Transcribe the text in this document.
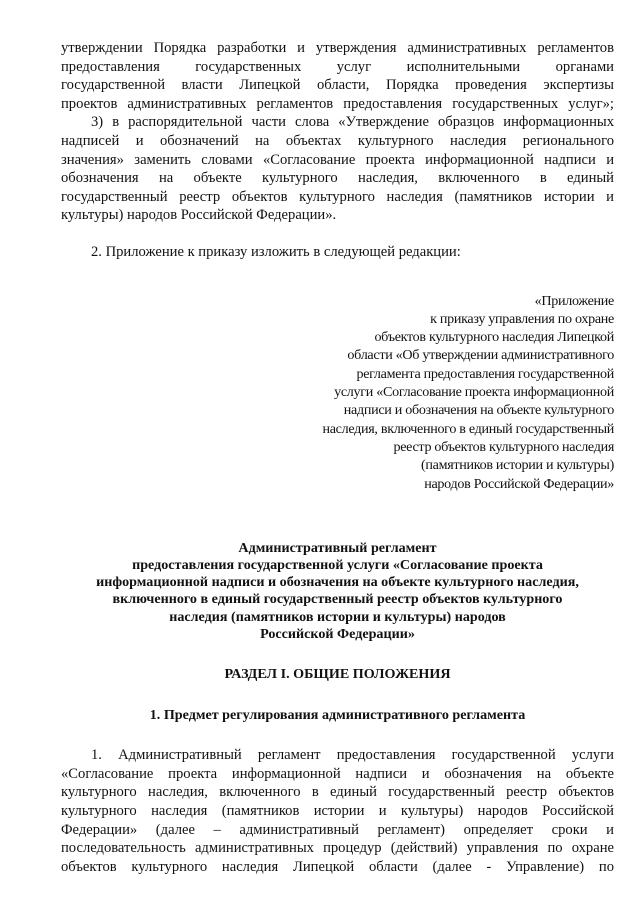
утверждении Порядка разработки и утверждения административных регламентов
предоставления государственных услуг исполнительными органами
государственной власти Липецкой области, Порядка проведения экспертизы
проектов административных регламентов предоставления государственных услуг»;

3) в распорядительной части слова «Утверждение образцов информационных
надписей и обозначений на объектах культурного наследия регионального
значения» заменить словами «Согласование проекта информационной надписи и
обозначения на объекте культурного наследия, включенного в единый
государственный реестр объектов культурного наследия (памятников истории и
культуры) народов Российской Федерации».

2. Приложение к приказу изложить в следующей редакции:

«Приложение
к приказу управления по охране
объектов культурного наследия Липецкой
области «Об утверждении административного
регламента предоставления государственной
услуги «Согласование проекта информационной
надписи и обозначения на объекте культурного
наследия, включенного в единый государственный
реестр объектов культурного наследия
(памятников истории и культуры)
народов Российской Федерации»
Административный регламент
предоставления государственной услуги «Согласование проекта
информационной надписи и обозначения на объекте культурного наследия,
включенного в единый государственный реестр объектов культурного
наследия (памятников истории и культуры) народов
Российской Федерации»
РАЗДЕЛ I. ОБЩИЕ ПОЛОЖЕНИЯ
1. Предмет регулирования административного регламента

1. Административный регламент предоставления государственной услуги
«Согласование проекта информационной надписи и обозначения на объекте
культурного наследия, включенного в единый государственный реестр объектов
культурного наследия (памятников истории и культуры) народов Российской
Федерации» (далее – административный регламент) определяет сроки и
последовательность административных процедур (действий) управления по охране
объектов культурного наследия Липецкой области (далее - Управление) по
